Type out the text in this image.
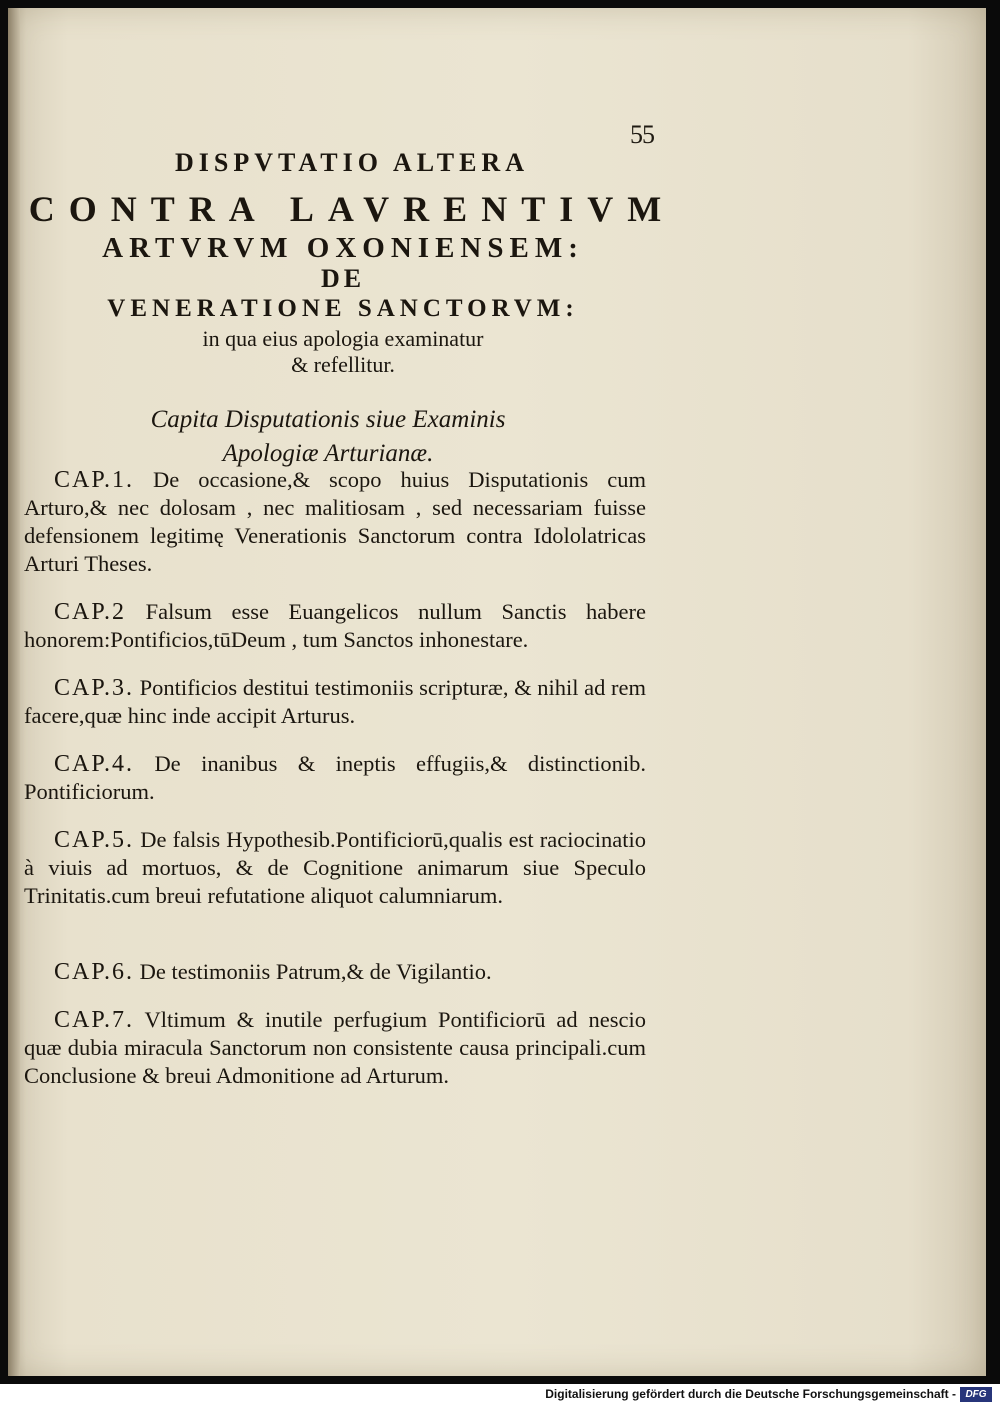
55
DISPVTATIO ALTERA
CONTRA LAVRENTIVM
ARTVRVM OXONIENSEM:
DE
VENERATIONE SANCTORVM:
in qua eius apologia examinatur
& refellitur.
Capita Disputationis siue Examinis
Apologiæ Arturianæ.
CAP.1. De occasione,& scopo huius Disputationis cum Arturo,& nec dolosam , nec malitiosam , sed necessariam fuisse defensionem legitimę Venerationis Sanctorum contra Idololatricas Arturi Theses.
CAP.2 Falsum esse Euangelicos nullum Sanctis habere honorem:Pontificios,tūDeum , tum Sanctos inhonestare.
CAP.3. Pontificios destitui testimoniis scripturæ, & nihil ad rem facere,quæ hinc inde accipit Arturus.
CAP.4. De inanibus & ineptis effugiis,& distinctionib. Pontificiorum.
CAP.5. De falsis Hypothesib.Pontificiorū,qualis est raciocinatio à viuis ad mortuos, & de Cognitione animarum siue Speculo Trinitatis.cum breui refutatione aliquot calumniarum.
CAP.6. De testimoniis Patrum,& de Vigilantio.
CAP.7. Vltimum & inutile perfugium Pontificiorū ad nescio quæ dubia miracula Sanctorum non consistente causa principali.cum Conclusione & breui Admonitione ad Arturum.
Digitalisierung gefördert durch die Deutsche Forschungsgemeinschaft - DFG
